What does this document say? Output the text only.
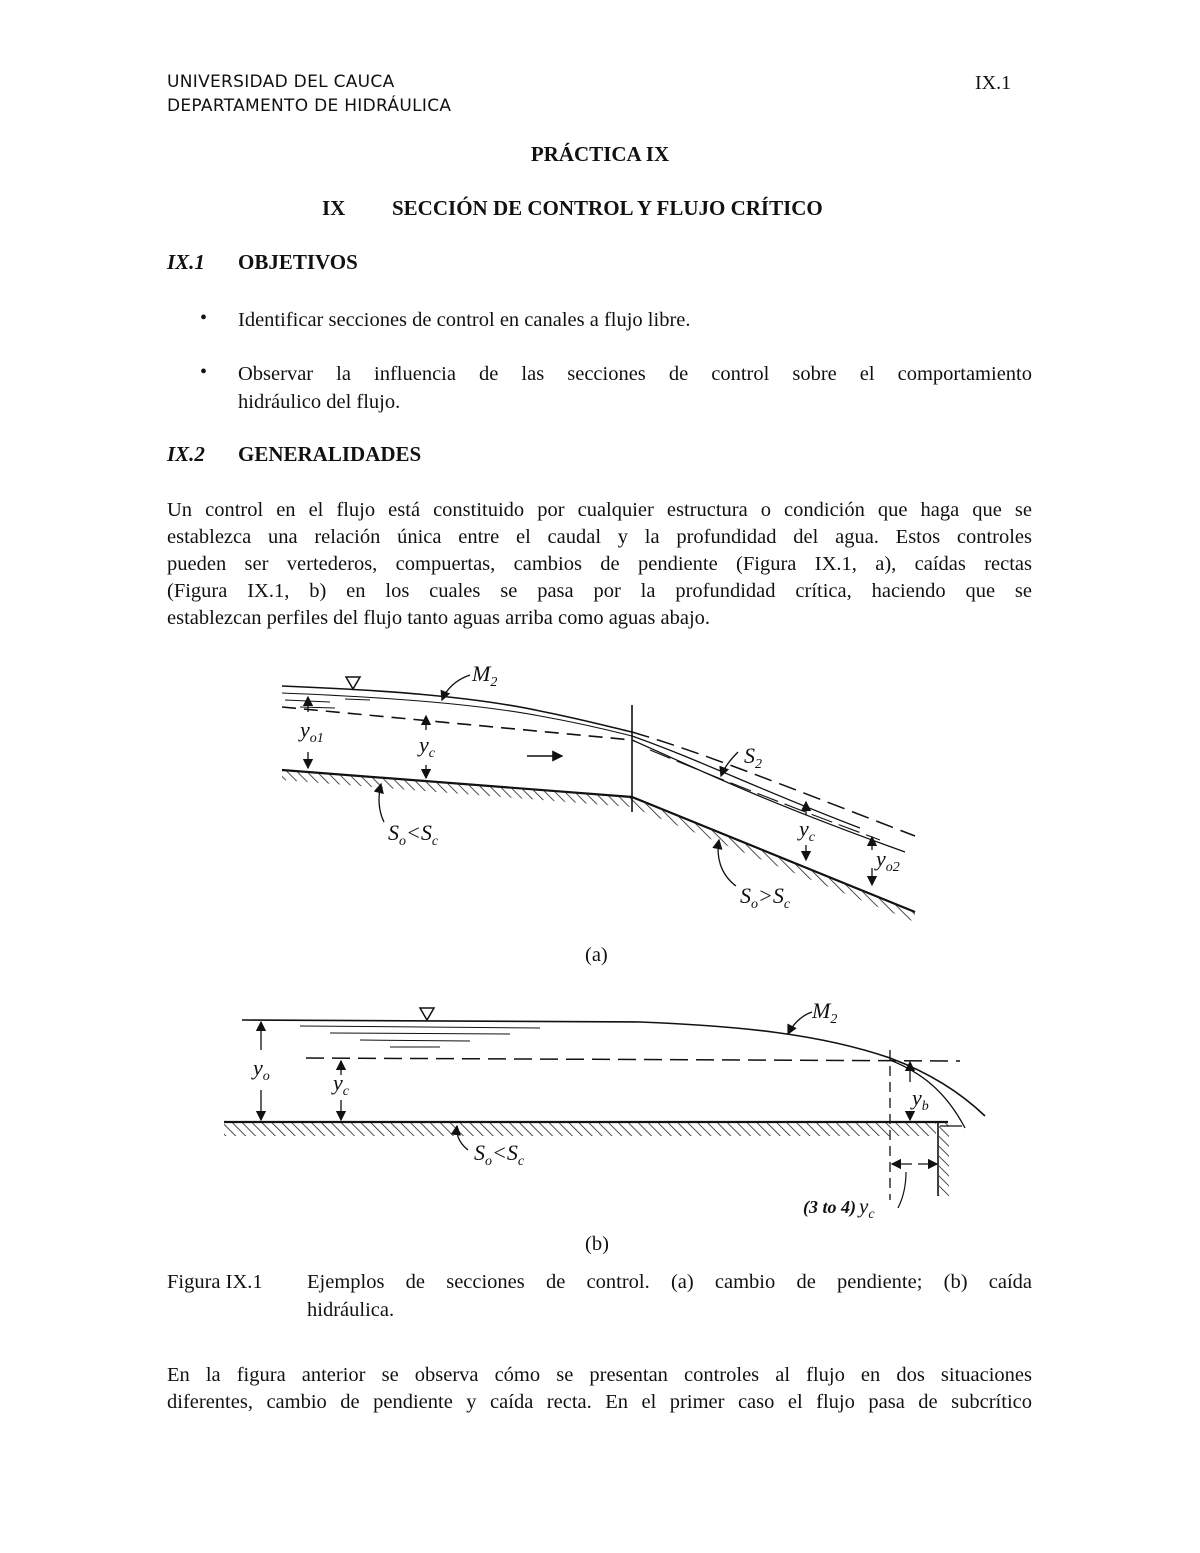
UNIVERSIDAD DEL CAUCA
DEPARTAMENTO DE HIDRÁULICA
IX.1
PRÁCTICA IX
IX SECCIÓN DE CONTROL Y FLUJO CRÍTICO
IX.1 OBJETIVOS
• Identificar secciones de control en canales a flujo libre.
• Observar la influencia de las secciones de control sobre el comportamiento
hidráulico del flujo.
IX.2 GENERALIDADES
Un control en el flujo está constituido por cualquier estructura o condición que haga que se
establezca una relación única entre el caudal y la profundidad del agua. Estos controles
pueden ser vertederos, compuertas, cambios de pendiente (Figura IX.1, a), caídas rectas
(Figura IX.1, b) en los cuales se pasa por la profundidad crítica, haciendo que se
establezcan perfiles del flujo tanto aguas arriba como aguas abajo.
$M_2$
$y_{o1}$	$y_c$	$S_2$
$y_c$
$y_{o2}$
$S_o<S_c$
$S_o>S_c$
$M_2$
$y_o$	$y_c$	$y_b$
$S_o<S_c$
(3 to 4) $y_c$
(a)
(b)
Figura IX.1 Ejemplos de secciones de control. (a) cambio de pendiente; (b) caída
hidráulica.
En la figura anterior se observa cómo se presentan controles al flujo en dos situaciones
diferentes, cambio de pendiente y caída recta. En el primer caso el flujo pasa de subcrítico
